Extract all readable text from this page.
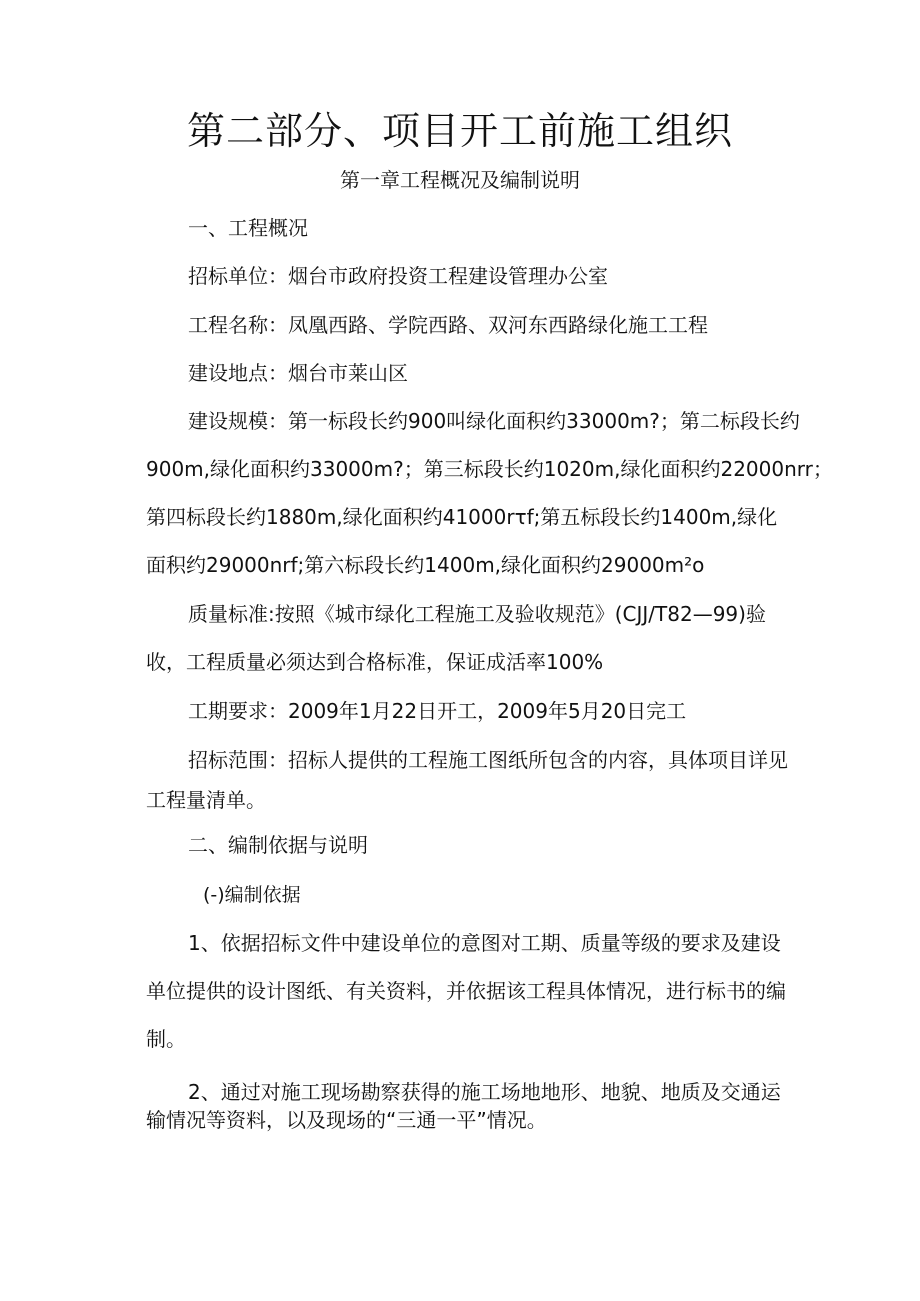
第二部分、项目开工前施工组织
第一章工程概况及编制说明
一、工程概况
招标单位：烟台市政府投资工程建设管理办公室
工程名称：凤凰西路、学院西路、双河东西路绿化施工工程
建设地点：烟台市莱山区
建设规模：第一标段长约900叫绿化面积约33000m?；第二标段长约
900m,绿化面积约33000m?；第三标段长约1020m,绿化面积约22000nrr；
第四标段长约1880m,绿化面积约41000rτf;第五标段长约1400m,绿化
面积约29000nrf;第六标段长约1400m,绿化面积约29000m²o
质量标准:按照《城市绿化工程施工及验收规范》(CJJ/T82—99)验
收，工程质量必须达到合格标准，保证成活率100%
工期要求：2009年1月22日开工，2009年5月20日完工
招标范围：招标人提供的工程施工图纸所包含的内容，具体项目详见
工程量清单。
二、编制依据与说明
(-)编制依据
1、依据招标文件中建设单位的意图对工期、质量等级的要求及建设
单位提供的设计图纸、有关资料，并依据该工程具体情况，进行标书的编
制。
2、通过对施工现场勘察获得的施工场地地形、地貌、地质及交通运
输情况等资料，以及现场的“三通一平”情况。
